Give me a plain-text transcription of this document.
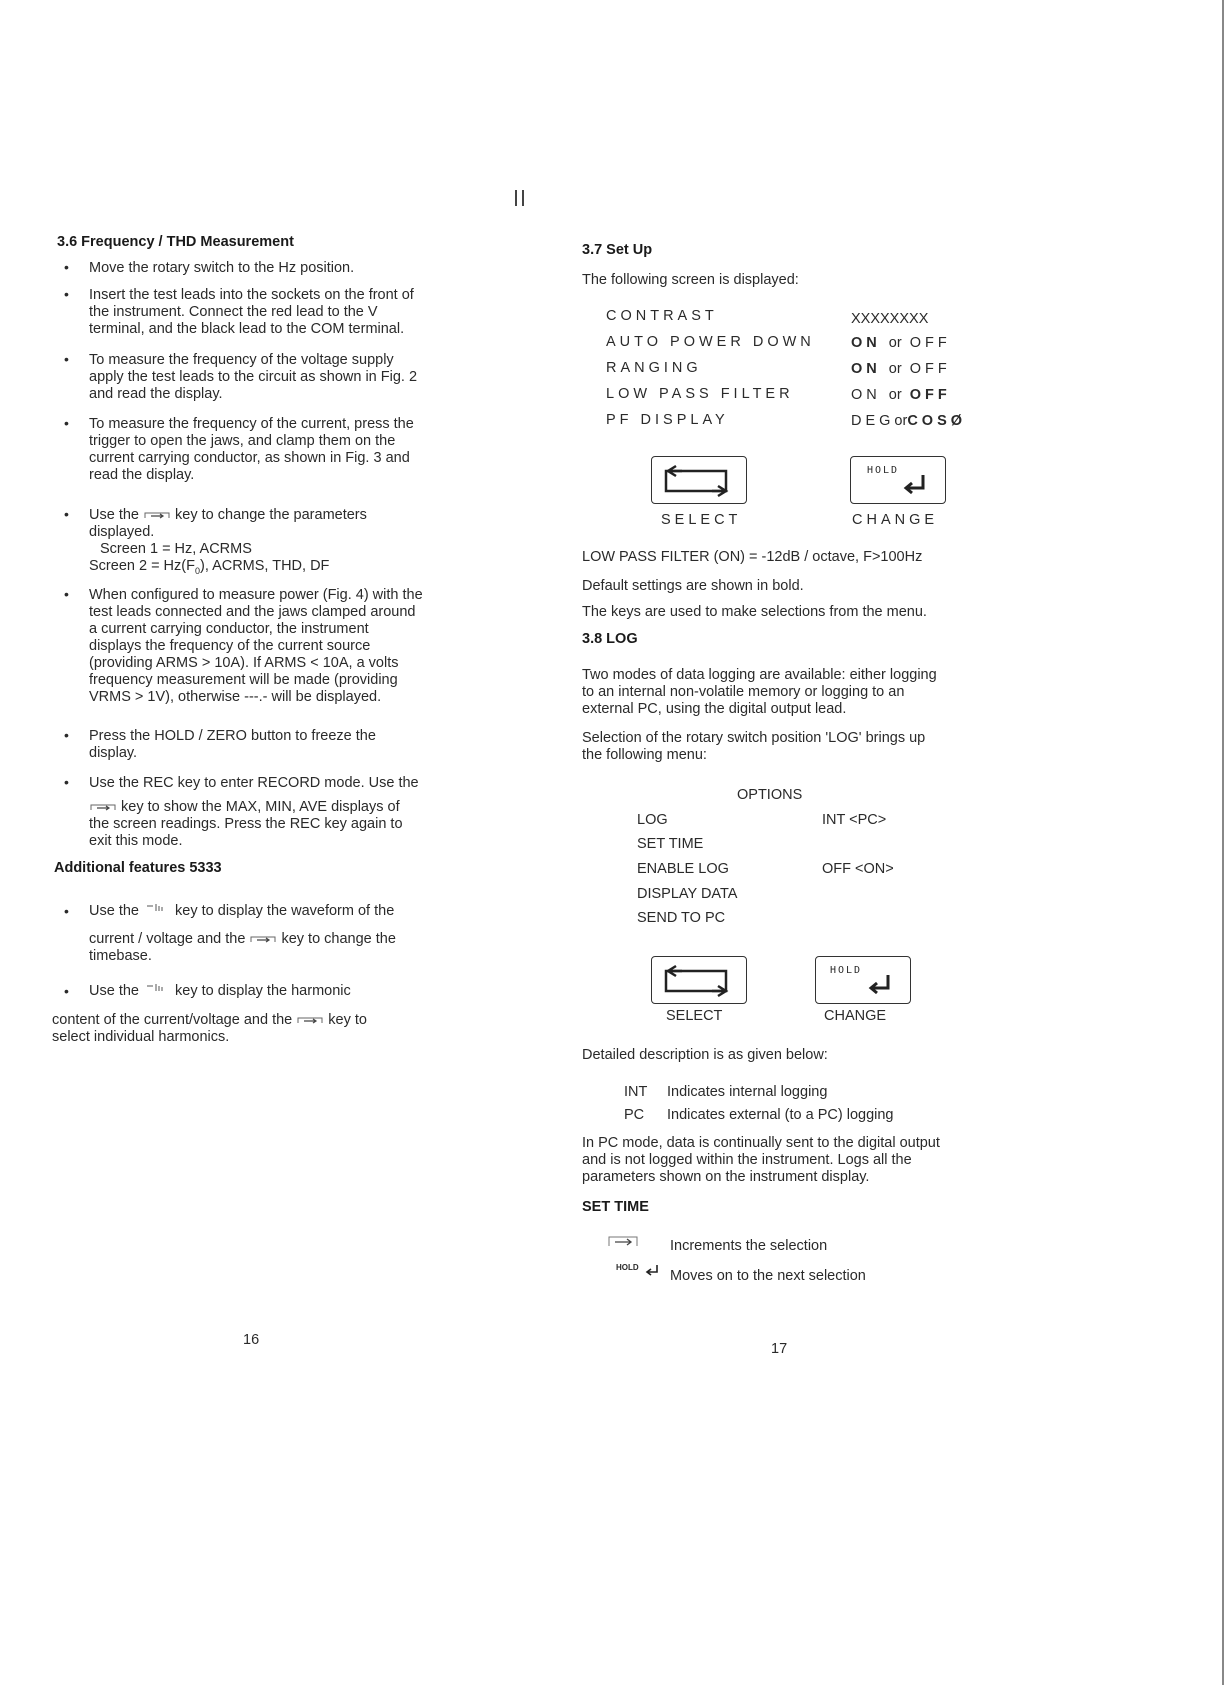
3.6 Frequency / THD Measurement
• Move the rotary switch to the Hz position.
• Insert the test leads into the sockets on the front of
the instrument. Connect the red lead to the V
terminal, and the black lead to the COM terminal.
• To measure the frequency of the voltage supply
apply the test leads to the circuit as shown in Fig. 2
and read the display.
• To measure the frequency of the current, press the
trigger to open the jaws, and clamp them on the
current carrying conductor, as shown in Fig. 3 and
read the display.
• Use the key to change the parameters
displayed.
Screen 1 = Hz, ACRMS
Screen $2 = Hz(F_0)$, ACRMS, THD, DF
• When configured to measure power (Fig. 4) with the
test leads connected and the jaws clamped around
a current carrying conductor, the instrument
displays the frequency of the current source
(providing ARMS > 10A). If ARMS < 10A, a volts
frequency measurement will be made (providing
VRMS > 1V), otherwise ---.- will be displayed.
• Press the HOLD / ZERO button to freeze the
display.
• Use the REC key to enter RECORD mode. Use the
key to show the MAX, MIN, AVE displays of
the screen readings. Press the REC key again to
exit this mode.
Additional features 5333
• Use the key to display the waveform of the
current / voltage and the key to change the
timebase.
• Use the key to display the harmonic
content of the current/voltage and the key to
select individual harmonics.
16
3.7 Set Up
The following screen is displayed:
CONTRAST	XXXXXXXX
AUTO POWER DOWN ON or OFF
RANGING	ON or OFF
LOW PASS FILTER	ON or OFF
PF DISPLAY	DEGorCOSØ
SELECT
HOLD
CHANGE
LOW PASS FILTER (ON) = -12dB / octave, F>100Hz
Default settings are shown in bold.
The keys are used to make selections from the menu.
3.8 LOG
Two modes of data logging are available: either logging
to an internal non-volatile memory or logging to an
external PC, using the digital output lead.
Selection of the rotary switch position 'LOG' brings up
the following menu:
OPTIONS
LOG	INT <PC>
SET TIME
ENABLE LOG	OFF <ON>
DISPLAY DATA
SEND TO PC
SELECT
HOLD
CHANGE
Detailed description is as given below:
INT Indicates internal logging
PC Indicates external (to a PC) logging
In PC mode, data is continually sent to the digital output
and is not logged within the instrument. Logs all the
parameters shown on the instrument display.
SET TIME
Increments the selection
HOLD
Moves on to the next selection
17
